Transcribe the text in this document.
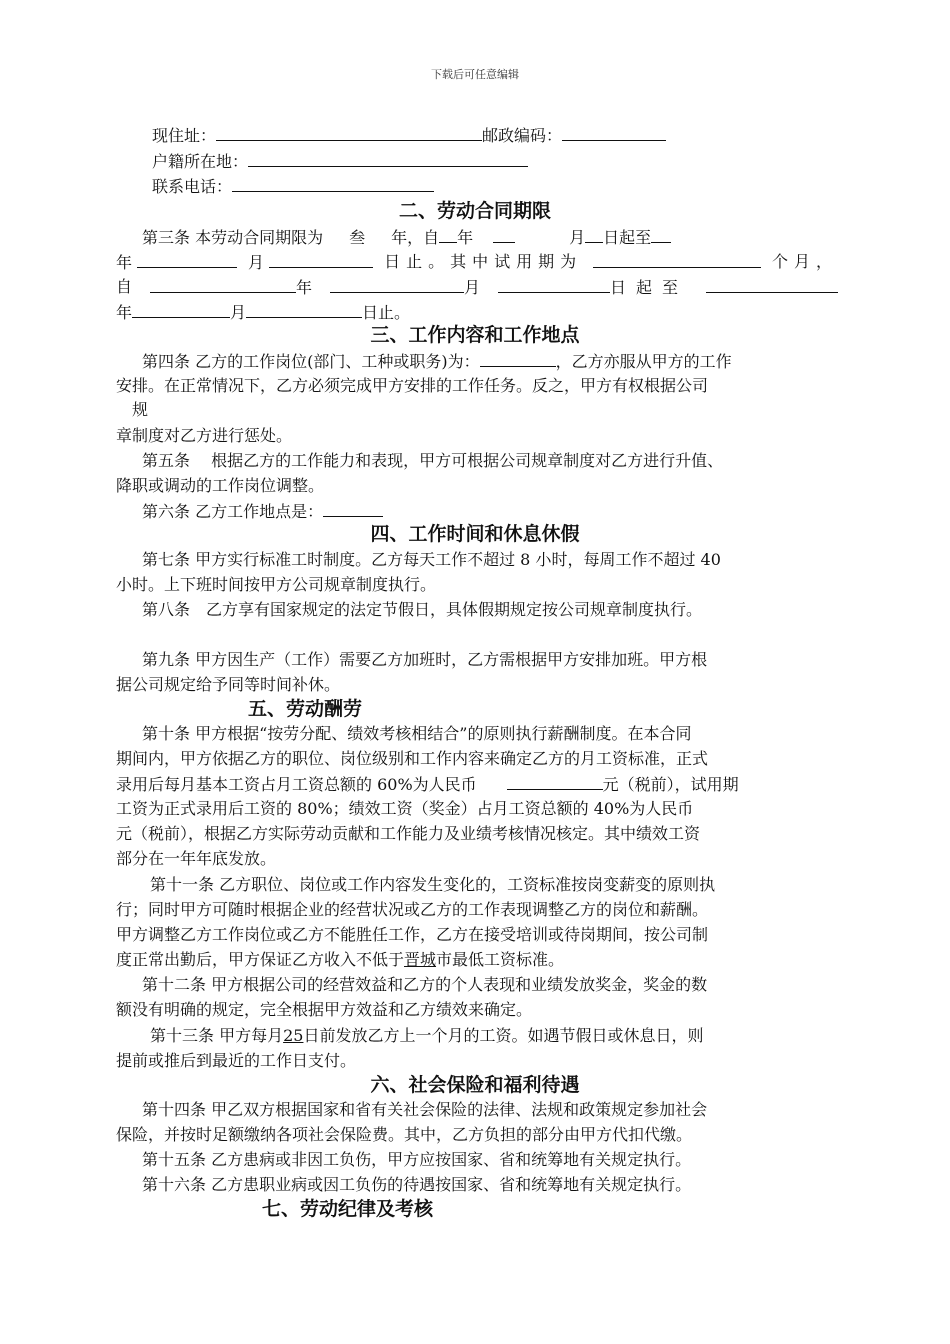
下载后可任意编辑
现住址：	邮政编码：
户籍所在地：
联系电话：
二、劳动合同期限
第三条 本劳动合同期限为 叁 年，自 年	月 日起至
年	月	日止。其中试用期为	个月，
自	年	月	日起至
年	月	日止。
三、工作内容和工作地点
第四条 乙方的工作岗位(部门、工种或职务)为：	，乙方亦服从甲方的工作
安排。在正常情况下，乙方必须完成甲方安排的工作任务。反之，甲方有权根据公司
规
章制度对乙方进行惩处。
第五条　 根据乙方的工作能力和表现，甲方可根据公司规章制度对乙方进行升值、
降职或调动的工作岗位调整。
第六条 乙方工作地点是：
四、工作时间和休息休假
第七条 甲方实行标准工时制度。乙方每天工作不超过 8 小时，每周工作不超过 40
小时。上下班时间按甲方公司规章制度执行。
第八条　乙方享有国家规定的法定节假日，具体假期规定按公司规章制度执行。
第九条 甲方因生产（工作）需要乙方加班时，乙方需根据甲方安排加班。甲方根
据公司规定给予同等时间补休。
五、劳动酬劳
第十条 甲方根据“按劳分配、绩效考核相结合”的原则执行薪酬制度。在本合同
期间内，甲方依据乙方的职位、岗位级别和工作内容来确定乙方的月工资标准，正式
录用后每月基本工资占月工资总额的 60%为人民币	元（税前），试用期
工资为正式录用后工资的 80%；绩效工资（奖金）占月工资总额的 40%为人民币
元（税前），根据乙方实际劳动贡献和工作能力及业绩考核情况核定。其中绩效工资
部分在一年年底发放。
第十一条 乙方职位、岗位或工作内容发生变化的，工资标准按岗变薪变的原则执
行；同时甲方可随时根据企业的经营状况或乙方的工作表现调整乙方的岗位和薪酬。
甲方调整乙方工作岗位或乙方不能胜任工作，乙方在接受培训或待岗期间，按公司制
度正常出勤后，甲方保证乙方收入不低于晋城市最低工资标准。
第十二条 甲方根据公司的经营效益和乙方的个人表现和业绩发放奖金，奖金的数
额没有明确的规定，完全根据甲方效益和乙方绩效来确定。
第十三条 甲方每月25日前发放乙方上一个月的工资。如遇节假日或休息日，则
提前或推后到最近的工作日支付。
六、社会保险和福利待遇
第十四条 甲乙双方根据国家和省有关社会保险的法律、法规和政策规定参加社会
保险，并按时足额缴纳各项社会保险费。其中，乙方负担的部分由甲方代扣代缴。
第十五条 乙方患病或非因工负伤，甲方应按国家、省和统筹地有关规定执行。
第十六条 乙方患职业病或因工负伤的待遇按国家、省和统筹地有关规定执行。
七、劳动纪律及考核
